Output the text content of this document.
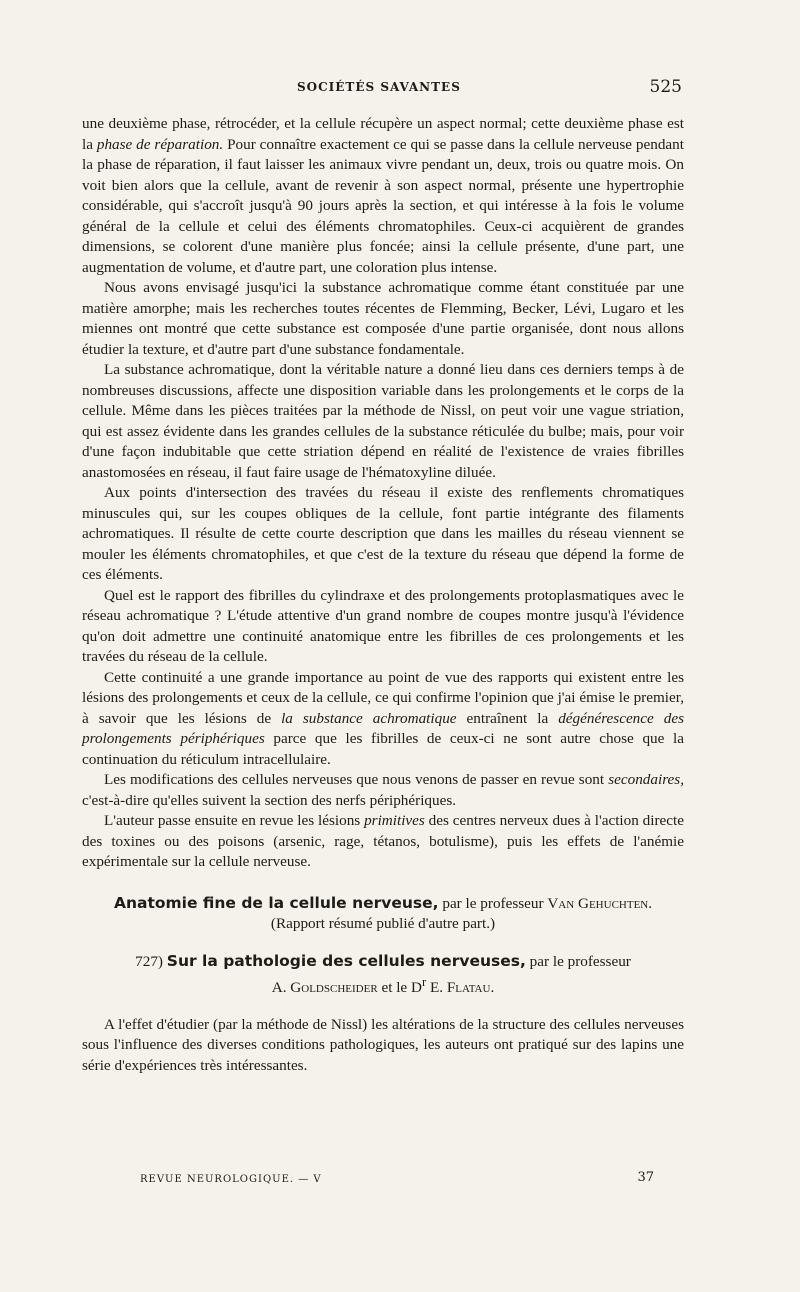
SOCIÉTÉS SAVANTES	525

une deuxième phase, rétrocéder, et la cellule récupère un aspect normal; cette deuxième phase est la phase de réparation. Pour connaître exactement ce qui se passe dans la cellule nerveuse pendant la phase de réparation, il faut laisser les animaux vivre pendant un, deux, trois ou quatre mois. On voit bien alors que la cellule, avant de revenir à son aspect normal, présente une hypertrophie considérable, qui s'accroît jusqu'à 90 jours après la section, et qui intéresse à la fois le volume général de la cellule et celui des éléments chromatophiles. Ceux-ci acquièrent de grandes dimensions, se colorent d'une manière plus foncée; ainsi la cellule présente, d'une part, une augmentation de volume, et d'autre part, une coloration plus intense.

Nous avons envisagé jusqu'ici la substance achromatique comme étant constituée par une matière amorphe; mais les recherches toutes récentes de Flemming, Becker, Lévi, Lugaro et les miennes ont montré que cette substance est composée d'une partie organisée, dont nous allons étudier la texture, et d'autre part d'une substance fondamentale.

La substance achromatique, dont la véritable nature a donné lieu dans ces derniers temps à de nombreuses discussions, affecte une disposition variable dans les prolongements et le corps de la cellule. Même dans les pièces traitées par la méthode de Nissl, on peut voir une vague striation, qui est assez évidente dans les grandes cellules de la substance réticulée du bulbe; mais, pour voir d'une façon indubitable que cette striation dépend en réalité de l'existence de vraies fibrilles anastomosées en réseau, il faut faire usage de l'hématoxyline diluée.

Aux points d'intersection des travées du réseau il existe des renflements chromatiques minuscules qui, sur les coupes obliques de la cellule, font partie intégrante des filaments achromatiques. Il résulte de cette courte description que dans les mailles du réseau viennent se mouler les éléments chromatophiles, et que c'est de la texture du réseau que dépend la forme de ces éléments.

Quel est le rapport des fibrilles du cylindraxe et des prolongements protoplasmatiques avec le réseau achromatique ? L'étude attentive d'un grand nombre de coupes montre jusqu'à l'évidence qu'on doit admettre une continuité anatomique entre les fibrilles de ces prolongements et les travées du réseau de la cellule.

Cette continuité a une grande importance au point de vue des rapports qui existent entre les lésions des prolongements et ceux de la cellule, ce qui confirme l'opinion que j'ai émise le premier, à savoir que les lésions de la substance achromatique entraînent la dégénérescence des prolongements périphériques parce que les fibrilles de ceux-ci ne sont autre chose que la continuation du réticulum intracellulaire.

Les modifications des cellules nerveuses que nous venons de passer en revue sont secondaires, c'est-à-dire qu'elles suivent la section des nerfs périphériques.

L'auteur passe ensuite en revue les lésions primitives des centres nerveux dues à l'action directe des toxines ou des poisons (arsenic, rage, tétanos, botulisme), puis les effets de l'anémie expérimentale sur la cellule nerveuse.

Anatomie fine de la cellule nerveuse, par le professeur Van Gehuchten.
(Rapport résumé publié d'autre part.)
727) Sur la pathologie des cellules nerveuses, par le professeur
A. Goldscheider et le $D^r$ E. Flatau.

A l'effet d'étudier (par la méthode de Nissl) les altérations de la structure des cellules nerveuses sous l'influence des diverses conditions pathologiques, les auteurs ont pratiqué sur des lapins une série d'expériences très intéressantes.

REVUE NEUROLOGIQUE. — V	37
